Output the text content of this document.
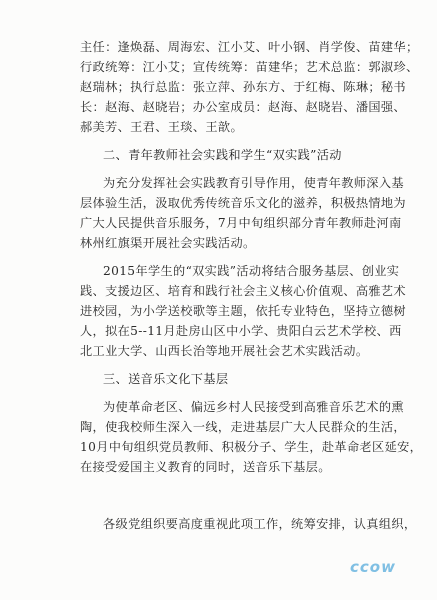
主任：逢焕磊、周海宏、江小艾、叶小钢、肖学俊、苗建华；
行政统筹：江小艾；宣传统筹：苗建华；艺术总监：郭淑珍、
赵瑞林；执行总监：张立萍、孙东方、于红梅、陈琳；秘书
长：赵海、赵晓岩；办公室成员：赵海、赵晓岩、潘国强、
郝美芳、王君、王琰、王歆。
二、青年教师社会实践和学生“双实践”活动
为充分发挥社会实践教育引导作用，使青年教师深入基
层体验生活，汲取优秀传统音乐文化的滋养，积极热情地为
广大人民提供音乐服务，7月中旬组织部分青年教师赴河南
林州红旗渠开展社会实践活动。
2015年学生的“双实践”活动将结合服务基层、创业实
践、支援边区、培育和践行社会主义核心价值观、高雅艺术
进校园，为小学送校歌等主题，依托专业特色，坚持立德树
人，拟在5--11月赴房山区中小学、贵阳白云艺术学校、西
北工业大学、山西长治等地开展社会艺术实践活动。
三、送音乐文化下基层
为使革命老区、偏远乡村人民接受到高雅音乐艺术的熏
陶，使我校师生深入一线，走进基层广大人民群众的生活，
10月中旬组织党员教师、积极分子、学生，赴革命老区延安，
在接受爱国主义教育的同时，送音乐下基层。
各级党组织要高度重视此项工作，统筹安排，认真组织，
ccow
